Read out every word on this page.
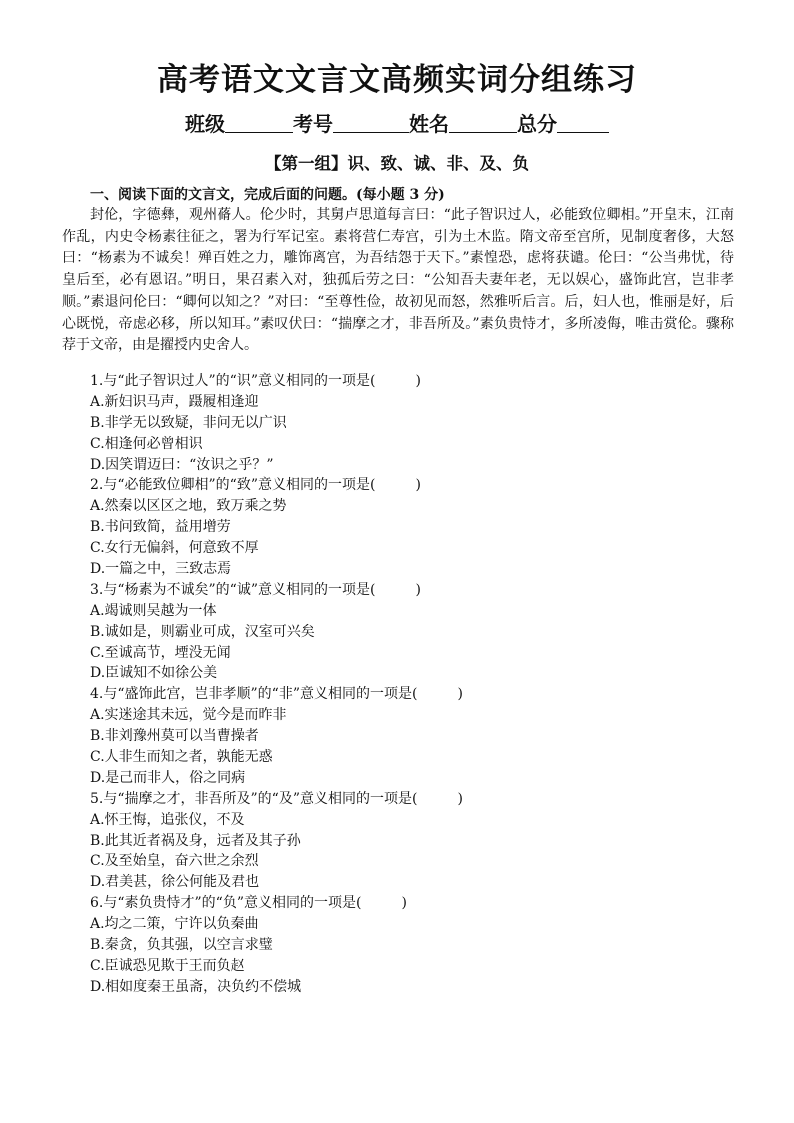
高考语文文言文高频实词分组练习
班级	考号	姓名	总分
【第一组】识、致、诚、非、及、负
一、阅读下面的文言文，完成后面的问题。(每小题 3 分)

封伦，字德彝，观州蓨人。伦少时，其舅卢思道每言曰：“此子智识过人，必能致位卿相。”开皇末，江南作乱，内史令杨素往征之，署为行军记室。素将营仁寿宫，引为土木监。隋文帝至宫所，见制度奢侈，大怒曰：“杨素为不诚矣！殚百姓之力，雕饰离宫，为吾结怨于天下。”素惶恐，虑将获谴。伦曰：“公当弗忧，待皇后至，必有恩诏。”明日，果召素入对，独孤后劳之曰：“公知吾夫妻年老，无以娱心，盛饰此宫，岂非孝顺。”素退问伦曰：“卿何以知之？”对曰：“至尊性俭，故初见而怒，然雅听后言。后，妇人也，惟丽是好，后心既悦，帝虑必移，所以知耳。”素叹伏曰：“揣摩之才，非吾所及。”素负贵恃才，多所凌侮，唯击赏伦。骤称荐于文帝，由是擢授内史舍人。

1.与“此子智识过人”的“识”意义相同的一项是(	)
A.新妇识马声，蹑履相逢迎
B.非学无以致疑，非问无以广识
C.相逢何必曾相识
D.因笑谓迈曰：“汝识之乎？”
2.与“必能致位卿相”的“致”意义相同的一项是(	)
A.然秦以区区之地，致万乘之势
B.书问致简，益用增劳
C.女行无偏斜，何意致不厚
D.一篇之中，三致志焉
3.与“杨素为不诚矣”的“诚”意义相同的一项是(	)
A.竭诚则吴越为一体
B.诚如是，则霸业可成，汉室可兴矣
C.至诚高节，堙没无闻
D.臣诚知不如徐公美
4.与“盛饰此宫，岂非孝顺”的“非”意义相同的一项是(	)
A.实迷途其未远，觉今是而昨非
B.非刘豫州莫可以当曹操者
C.人非生而知之者，孰能无惑
D.是己而非人，俗之同病
5.与“揣摩之才，非吾所及”的“及”意义相同的一项是(	)
A.怀王悔，追张仪，不及
B.此其近者祸及身，远者及其子孙
C.及至始皇，奋六世之余烈
D.君美甚，徐公何能及君也
6.与“素负贵恃才”的“负”意义相同的一项是(	)
A.均之二策，宁许以负秦曲
B.秦贪，负其强，以空言求璧
C.臣诚恐见欺于王而负赵
D.相如度秦王虽斋，决负约不偿城
